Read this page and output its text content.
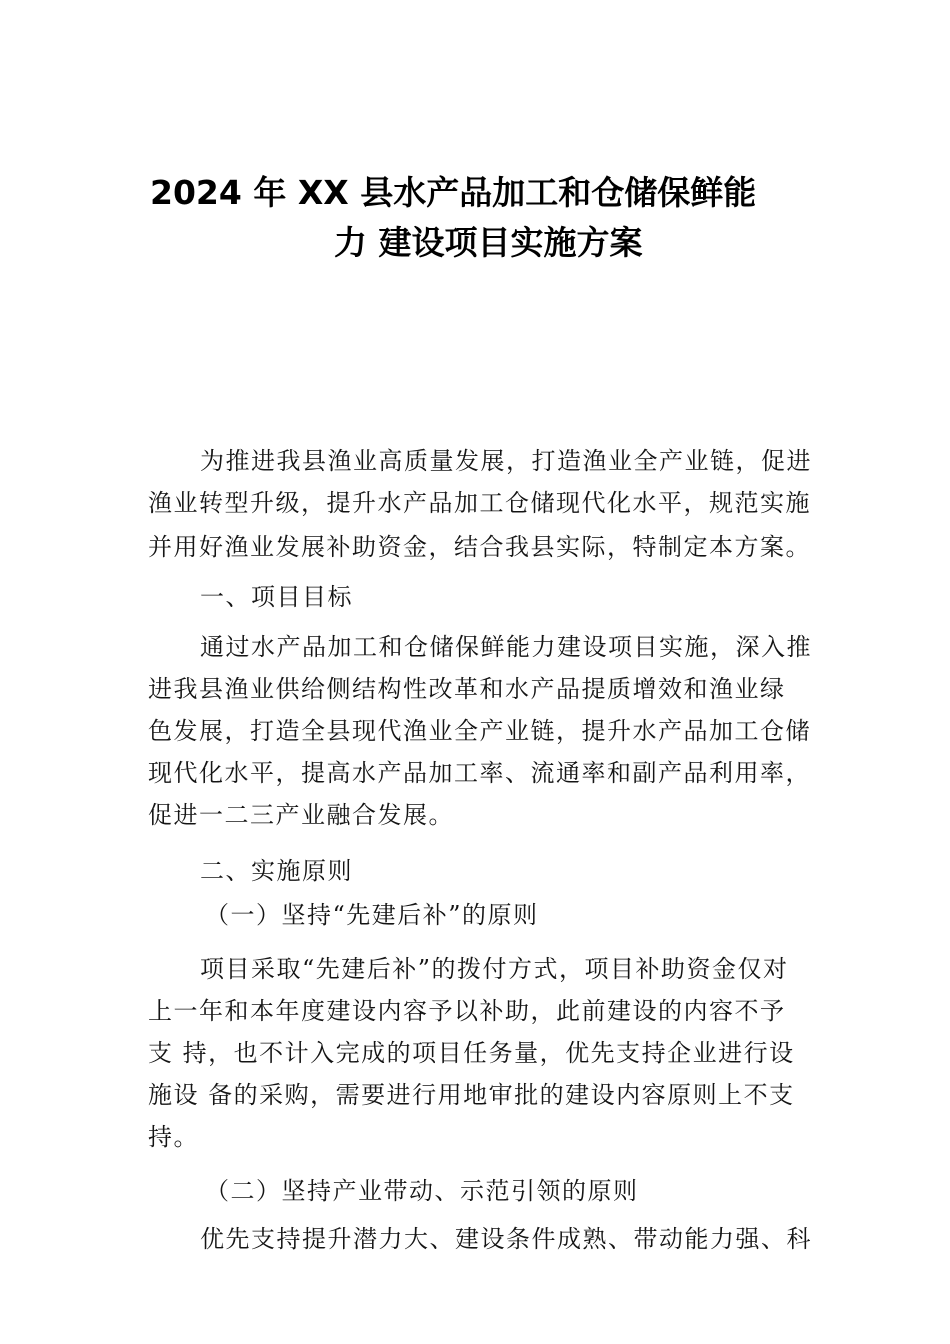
2024 年 XX 县水产品加工和仓储保鲜能
力 建设项目实施方案

为推进我县渔业高质量发展，打造渔业全产业链，促进

渔业转型升级，提升水产品加工仓储现代化水平，规范实施

并用好渔业发展补助资金，结合我县实际，特制定本方案。

一、项目目标

通过水产品加工和仓储保鲜能力建设项目实施，深入推

进我县渔业供给侧结构性改革和水产品提质增效和渔业绿

色发展，打造全县现代渔业全产业链，提升水产品加工仓储

现代化水平，提高水产品加工率、流通率和副产品利用率，

促进一二三产业融合发展。

二、实施原则

（一）坚持“先建后补”的原则

项目采取“先建后补”的拨付方式，项目补助资金仅对

上一年和本年度建设内容予以补助，此前建设的内容不予

支 持，也不计入完成的项目任务量，优先支持企业进行设

施设 备的采购，需要进行用地审批的建设内容原则上不支

持。

（二）坚持产业带动、示范引领的原则

优先支持提升潜力大、建设条件成熟、带动能力强、科
